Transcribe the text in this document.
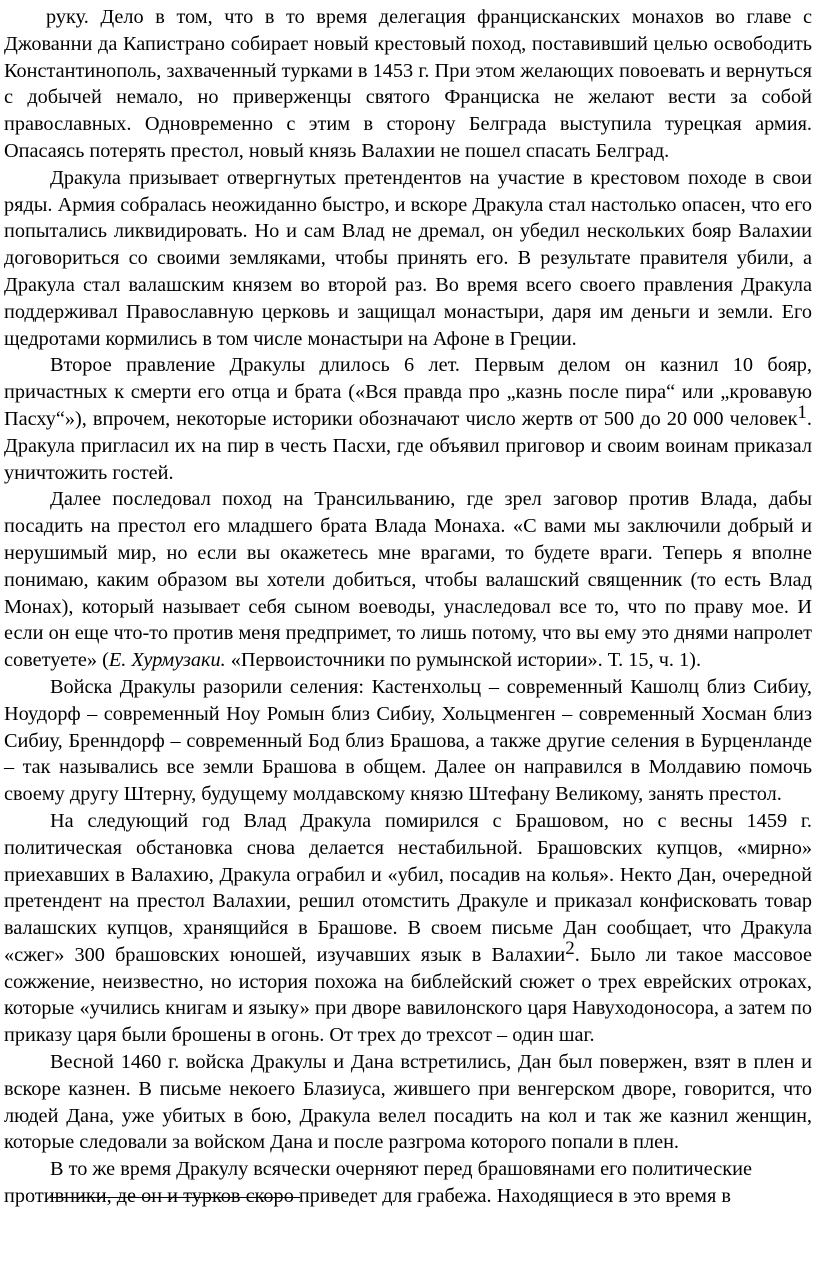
руку. Дело в том, что в то время делегация францисканских монахов во главе с Джованни да Капистрано собирает новый крестовый поход, поставивший целью освободить Константинополь, захваченный турками в 1453 г. При этом желающих повоевать и вернуться с добычей немало, но приверженцы святого Франциска не желают вести за собой православных. Одновременно с этим в сторону Белграда выступила турецкая армия. Опасаясь потерять престол, новый князь Валахии не пошел спасать Белград.

Дракула призывает отвергнутых претендентов на участие в крестовом походе в свои ряды. Армия собралась неожиданно быстро, и вскоре Дракула стал настолько опасен, что его попытались ликвидировать. Но и сам Влад не дремал, он убедил нескольких бояр Валахии договориться со своими земляками, чтобы принять его. В результате правителя убили, а Дракула стал валашским князем во второй раз. Во время всего своего правления Дракула поддерживал Православную церковь и защищал монастыри, даря им деньги и земли. Его щедротами кормились в том числе монастыри на Афоне в Греции.

Второе правление Дракулы длилось 6 лет. Первым делом он казнил 10 бояр, причастных к смерти его отца и брата («Вся правда про „казнь после пира“ или „кровавую Пасху“»), впрочем, некоторые историки обозначают число жертв от 500 до 20 000 человек1. Дракула пригласил их на пир в честь Пасхи, где объявил приговор и своим воинам приказал уничтожить гостей.

Далее последовал поход на Трансильванию, где зрел заговор против Влада, дабы посадить на престол его младшего брата Влада Монаха. «С вами мы заключили добрый и нерушимый мир, но если вы окажетесь мне врагами, то будете враги. Теперь я вполне понимаю, каким образом вы хотели добиться, чтобы валашский священник (то есть Влад Монах), который называет себя сыном воеводы, унаследовал все то, что по праву мое. И если он еще что-то против меня предпримет, то лишь потому, что вы ему это днями напролет советуете» (Е. Хурмузаки. «Первоисточники по румынской истории». Т. 15, ч. 1).

Войска Дракулы разорили селения: Кастенхольц – современный Кашолц близ Сибиу, Ноудорф – современный Ноу Ромын близ Сибиу, Хольцменген – современный Хосман близ Сибиу, Бренндорф – современный Бод близ Брашова, а также другие селения в Бурценланде – так назывались все земли Брашова в общем. Далее он направился в Молдавию помочь своему другу Штерну, будущему молдавскому князю Штефану Великому, занять престол.

На следующий год Влад Дракула помирился с Брашовом, но с весны 1459 г. политическая обстановка снова делается нестабильной. Брашовских купцов, «мирно» приехавших в Валахию, Дракула ограбил и «убил, посадив на колья». Некто Дан, очередной претендент на престол Валахии, решил отомстить Дракуле и приказал конфисковать товар валашских купцов, хранящийся в Брашове. В своем письме Дан сообщает, что Дракула «сжег» 300 брашовских юношей, изучавших язык в Валахии2. Было ли такое массовое сожжение, неизвестно, но история похожа на библейский сюжет о трех еврейских отроках, которые «учились книгам и языку» при дворе вавилонского царя Навуходоносора, а затем по приказу царя были брошены в огонь. От трех до трехсот – один шаг.

Весной 1460 г. войска Дракулы и Дана встретились, Дан был повержен, взят в плен и вскоре казнен. В письме некоего Блазиуса, жившего при венгерском дворе, говорится, что людей Дана, уже убитых в бою, Дракула велел посадить на кол и так же казнил женщин, которые следовали за войском Дана и после разгрома которого попали в плен.

В то же время Дракулу всячески очерняют перед брашовянами его политические противники, де он и турков скоро приведет для грабежа. Находящиеся в это время в
